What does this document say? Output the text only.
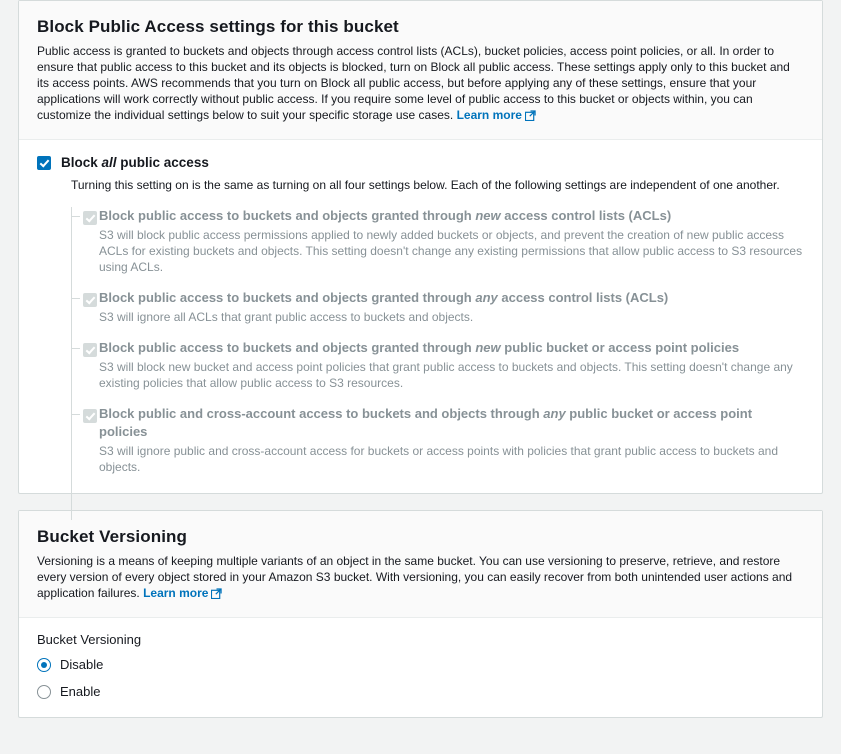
Block Public Access settings for this bucket

Public access is granted to buckets and objects through access control lists (ACLs), bucket policies, access point policies, or all. In order to ensure that public access to this bucket and its objects is blocked, turn on Block all public access. These settings apply only to this bucket and its access points. AWS recommends that you turn on Block all public access, but before applying any of these settings, ensure that your applications will work correctly without public access. If you require some level of public access to this bucket or objects within, you can customize the individual settings below to suit your specific storage use cases. Learn more

Block all public access
Turning this setting on is the same as turning on all four settings below. Each of the following settings are independent of one another.

Block public access to buckets and objects granted through new access control lists (ACLs)

S3 will block public access permissions applied to newly added buckets or objects, and prevent the creation of new public access ACLs for existing buckets and objects. This setting doesn't change any existing permissions that allow public access to S3 resources using ACLs.

Block public access to buckets and objects granted through any access control lists (ACLs)

S3 will ignore all ACLs that grant public access to buckets and objects.

Block public access to buckets and objects granted through new public bucket or access point policies

S3 will block new bucket and access point policies that grant public access to buckets and objects. This setting doesn't change any existing policies that allow public access to S3 resources.

Block public and cross-account access to buckets and objects through any public bucket or access point policies

S3 will ignore public and cross-account access for buckets or access points with policies that grant public access to buckets and objects.

Bucket Versioning

Versioning is a means of keeping multiple variants of an object in the same bucket. You can use versioning to preserve, retrieve, and restore every version of every object stored in your Amazon S3 bucket. With versioning, you can easily recover from both unintended user actions and application failures. Learn more

Bucket Versioning
Disable
Enable
